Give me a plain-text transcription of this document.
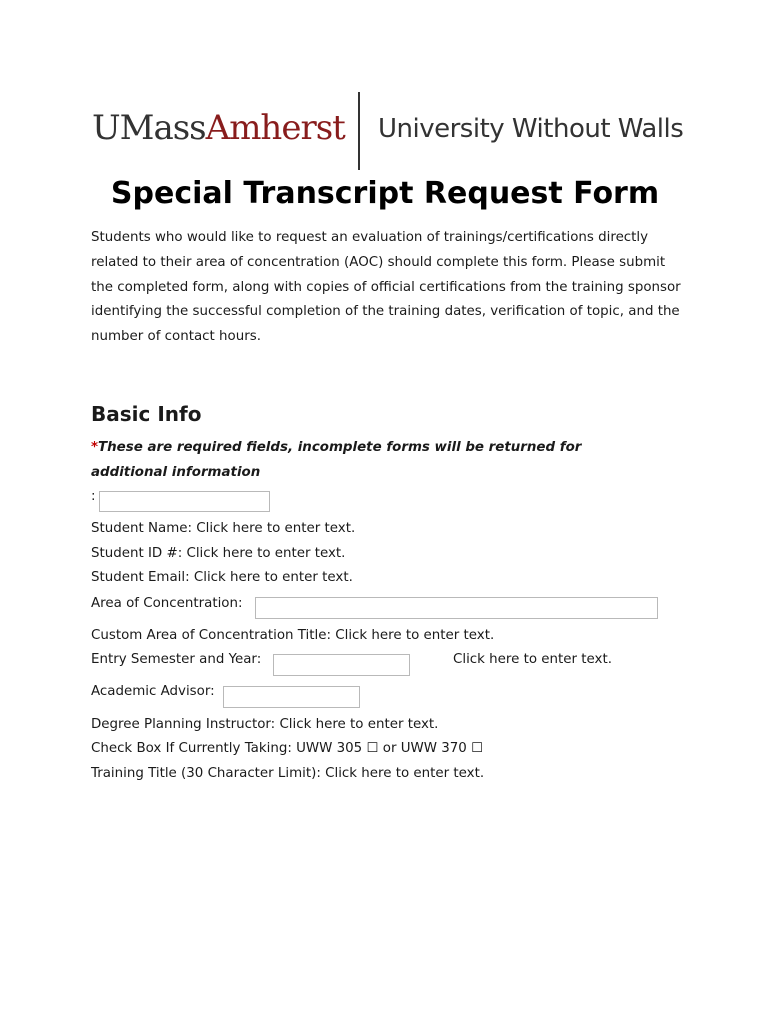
UMassAmherst University Without Walls
Special Transcript Request Form

Students who would like to request an evaluation of trainings/certifications directly related to their area of concentration (AOC) should complete this form. Please submit the completed form, along with copies of official certifications from the training sponsor identifying the successful completion of the training dates, verification of topic, and the number of contact hours.

Basic Info

*These are required fields, incomplete forms will be returned for additional information

:
Student Name: Click here to enter text.
Student ID #: Click here to enter text.
Student Email: Click here to enter text.
Area of Concentration:
Custom Area of Concentration Title: Click here to enter text.
Entry Semester and Year:	Click here to enter text.
Academic Advisor:
Degree Planning Instructor: Click here to enter text.
Check Box If Currently Taking: UWW 305 ☐ or UWW 370 ☐
Training Title (30 Character Limit): Click here to enter text.
